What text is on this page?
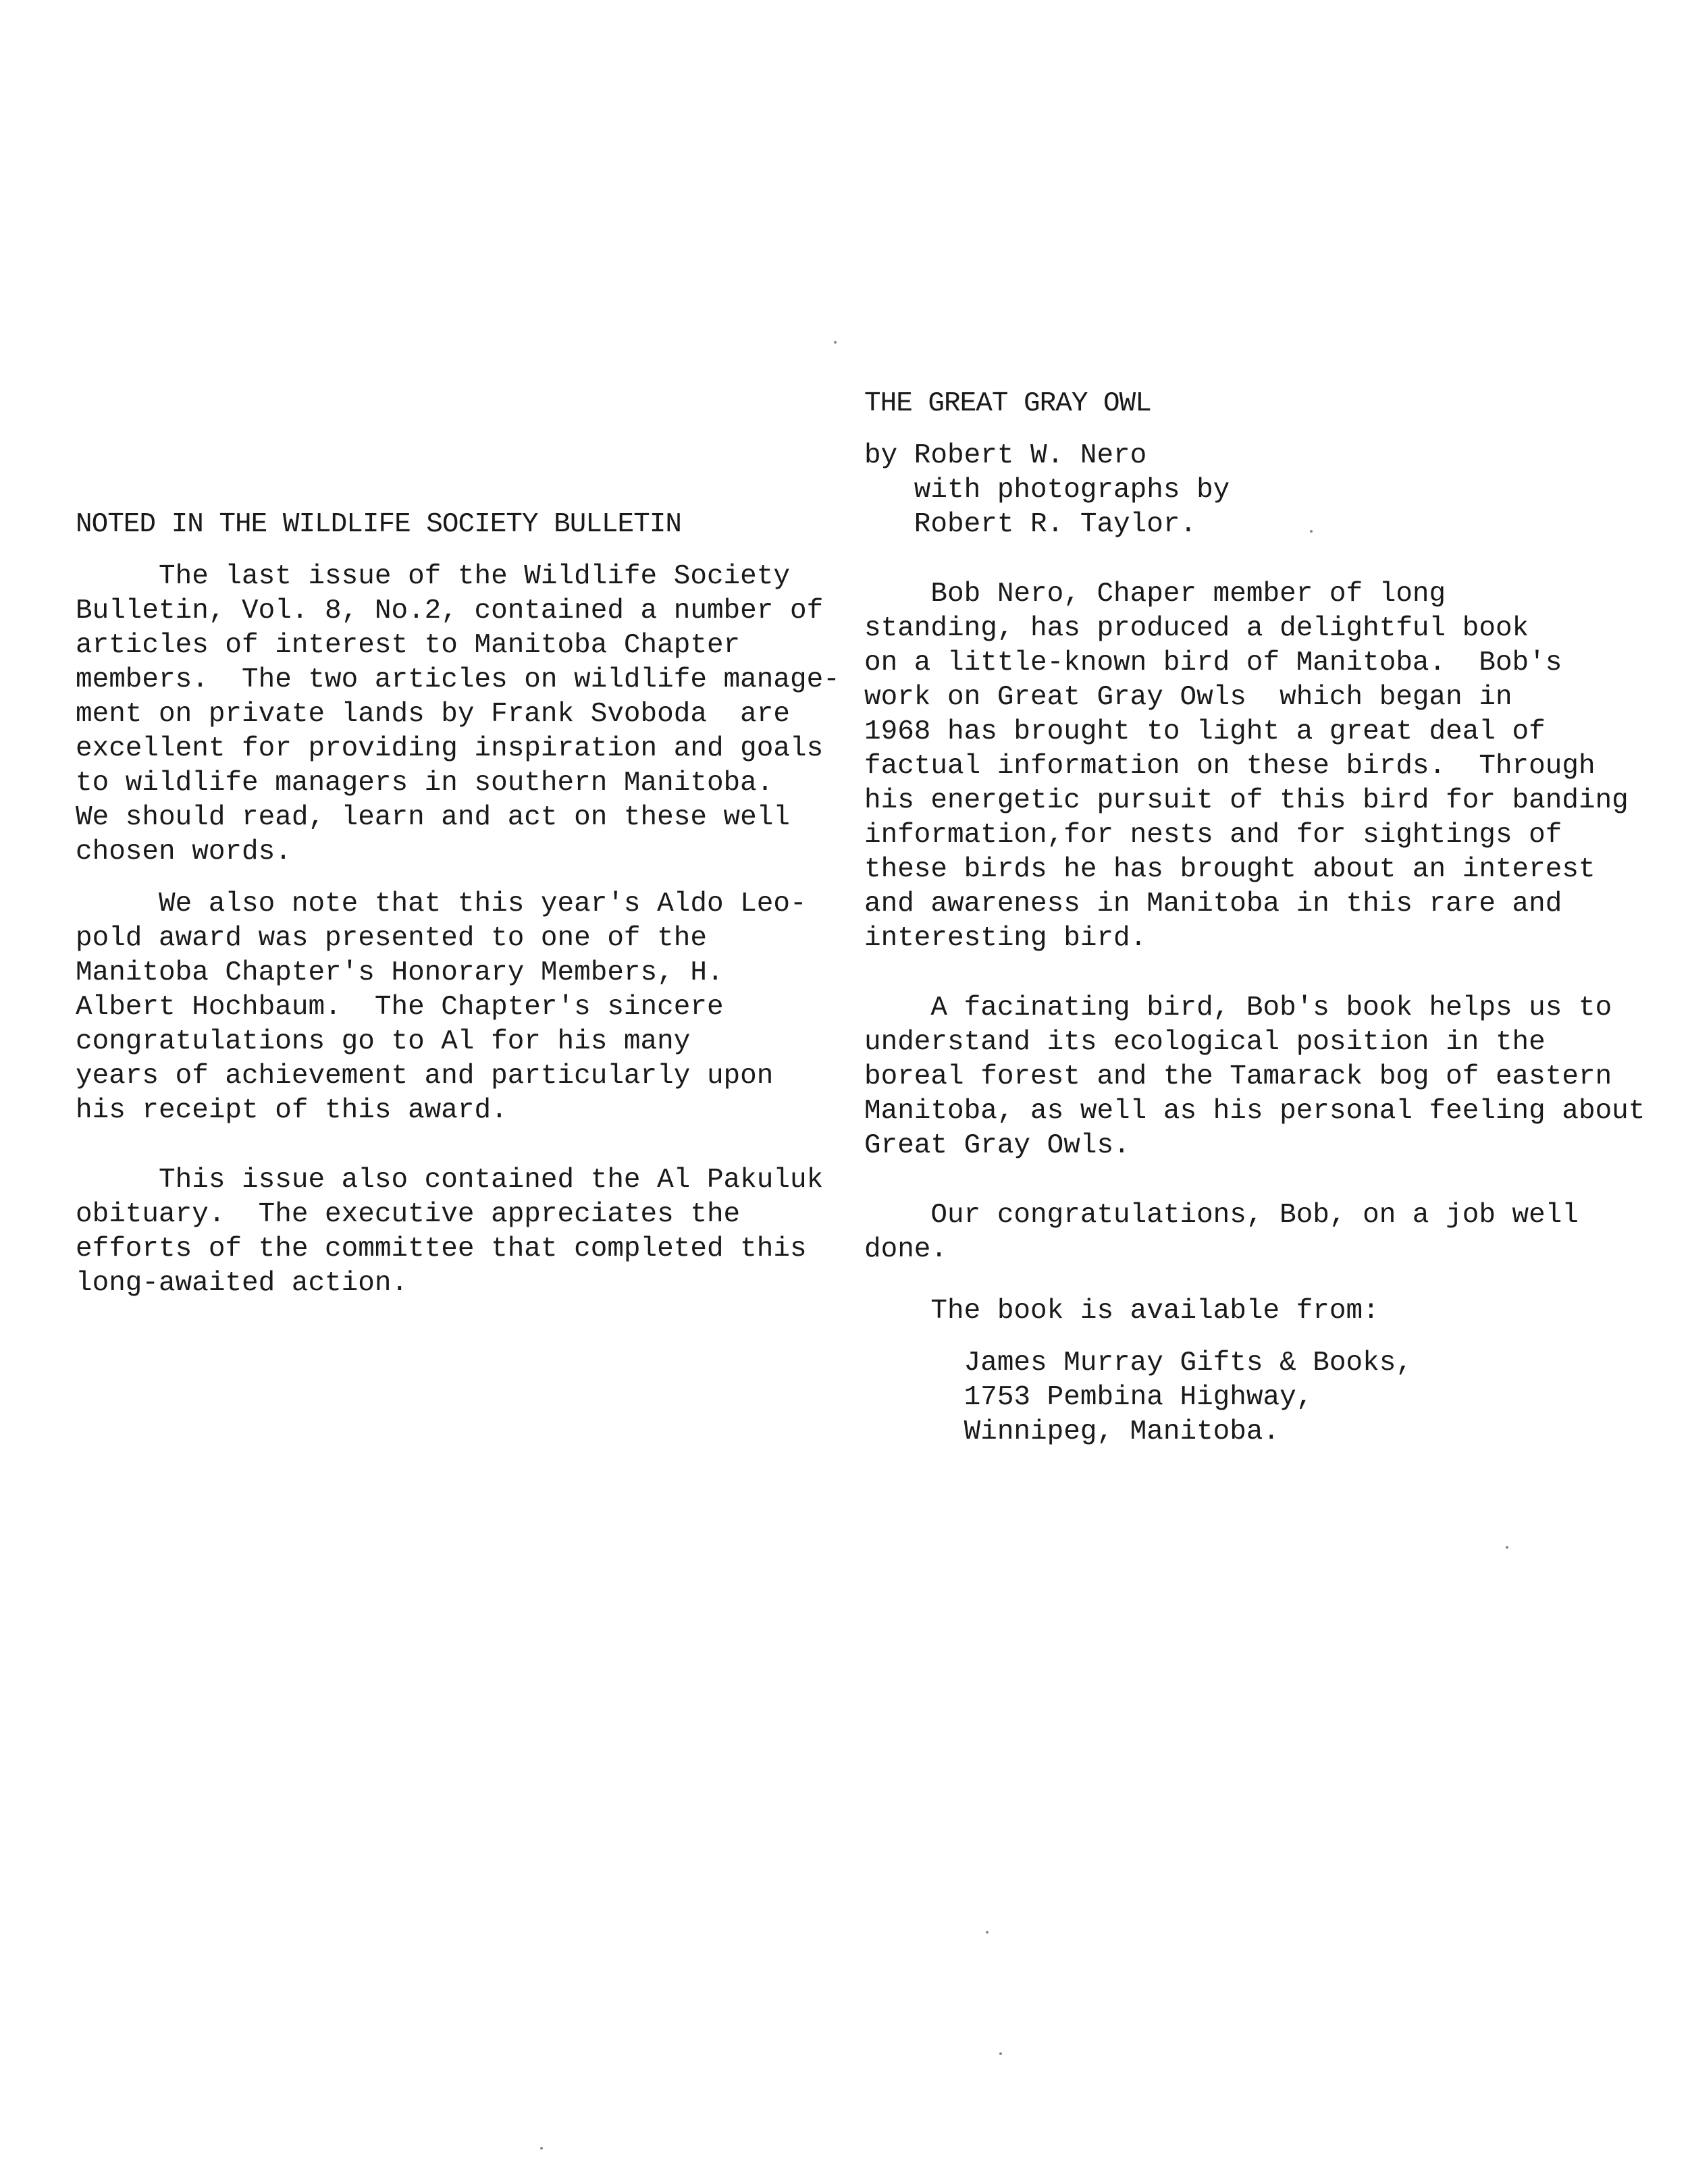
NOTED IN THE WILDLIFE SOCIETY BULLETIN
The last issue of the Wildlife Society
Bulletin, Vol. 8, No.2, contained a number of
articles of interest to Manitoba Chapter
members.  The two articles on wildlife manage-
ment on private lands by Frank Svoboda  are
excellent for providing inspiration and goals
to wildlife managers in southern Manitoba.
We should read, learn and act on these well
chosen words.
We also note that this year's Aldo Leo-
pold award was presented to one of the
Manitoba Chapter's Honorary Members, H.
Albert Hochbaum.  The Chapter's sincere
congratulations go to Al for his many
years of achievement and particularly upon
his receipt of this award.
This issue also contained the Al Pakuluk
obituary.  The executive appreciates the
efforts of the committee that completed this
long-awaited action.
THE GREAT GRAY OWL
by Robert W. Nero
with photographs by
Robert R. Taylor.
Bob Nero, Chaper member of long
standing, has produced a delightful book
on a little-known bird of Manitoba.  Bob's
work on Great Gray Owls  which began in
1968 has brought to light a great deal of
factual information on these birds.  Through
his energetic pursuit of this bird for banding
information,for nests and for sightings of
these birds he has brought about an interest
and awareness in Manitoba in this rare and
interesting bird.
A facinating bird, Bob's book helps us to
understand its ecological position in the
boreal forest and the Tamarack bog of eastern
Manitoba, as well as his personal feeling about
Great Gray Owls.
Our congratulations, Bob, on a job well
done.
The book is available from:
James Murray Gifts & Books,
1753 Pembina Highway,
Winnipeg, Manitoba.
